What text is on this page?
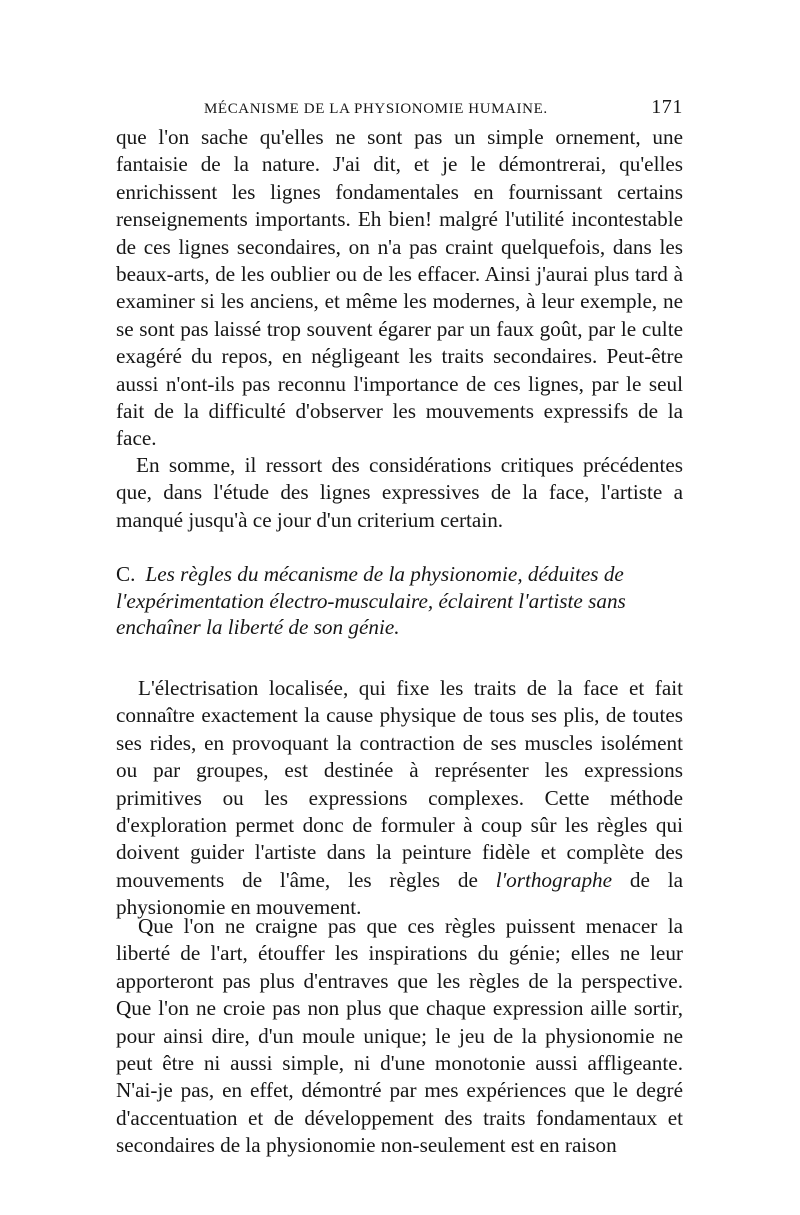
MÉCANISME DE LA PHYSIONOMIE HUMAINE.	171

que l'on sache qu'elles ne sont pas un simple ornement, une fantaisie de la nature. J'ai dit, et je le démontrerai, qu'elles enrichissent les lignes fondamentales en fournissant certains renseignements importants. Eh bien! malgré l'utilité incontestable de ces lignes secondaires, on n'a pas craint quelquefois, dans les beaux-arts, de les oublier ou de les effacer. Ainsi j'aurai plus tard à examiner si les anciens, et même les modernes, à leur exemple, ne se sont pas laissé trop souvent égarer par un faux goût, par le culte exagéré du repos, en négligeant les traits secondaires. Peut-être aussi n'ont-ils pas reconnu l'importance de ces lignes, par le seul fait de la difficulté d'observer les mouvements expressifs de la face.

En somme, il ressort des considérations critiques précédentes que, dans l'étude des lignes expressives de la face, l'artiste a manqué jusqu'à ce jour d'un criterium certain.

C. Les règles du mécanisme de la physionomie, déduites de l'expérimentation électro-musculaire, éclairent l'artiste sans enchaîner la liberté de son génie.

L'électrisation localisée, qui fixe les traits de la face et fait connaître exactement la cause physique de tous ses plis, de toutes ses rides, en provoquant la contraction de ses muscles isolément ou par groupes, est destinée à représenter les expressions primitives ou les expressions complexes. Cette méthode d'exploration permet donc de formuler à coup sûr les règles qui doivent guider l'artiste dans la peinture fidèle et complète des mouvements de l'âme, les règles de l'orthographe de la physionomie en mouvement.

Que l'on ne craigne pas que ces règles puissent menacer la liberté de l'art, étouffer les inspirations du génie; elles ne leur apporteront pas plus d'entraves que les règles de la perspective. Que l'on ne croie pas non plus que chaque expression aille sortir, pour ainsi dire, d'un moule unique; le jeu de la physionomie ne peut être ni aussi simple, ni d'une monotonie aussi affligeante. N'ai-je pas, en effet, démontré par mes expériences que le degré d'accentuation et de développement des traits fondamentaux et secondaires de la physionomie non-seulement est en raison
